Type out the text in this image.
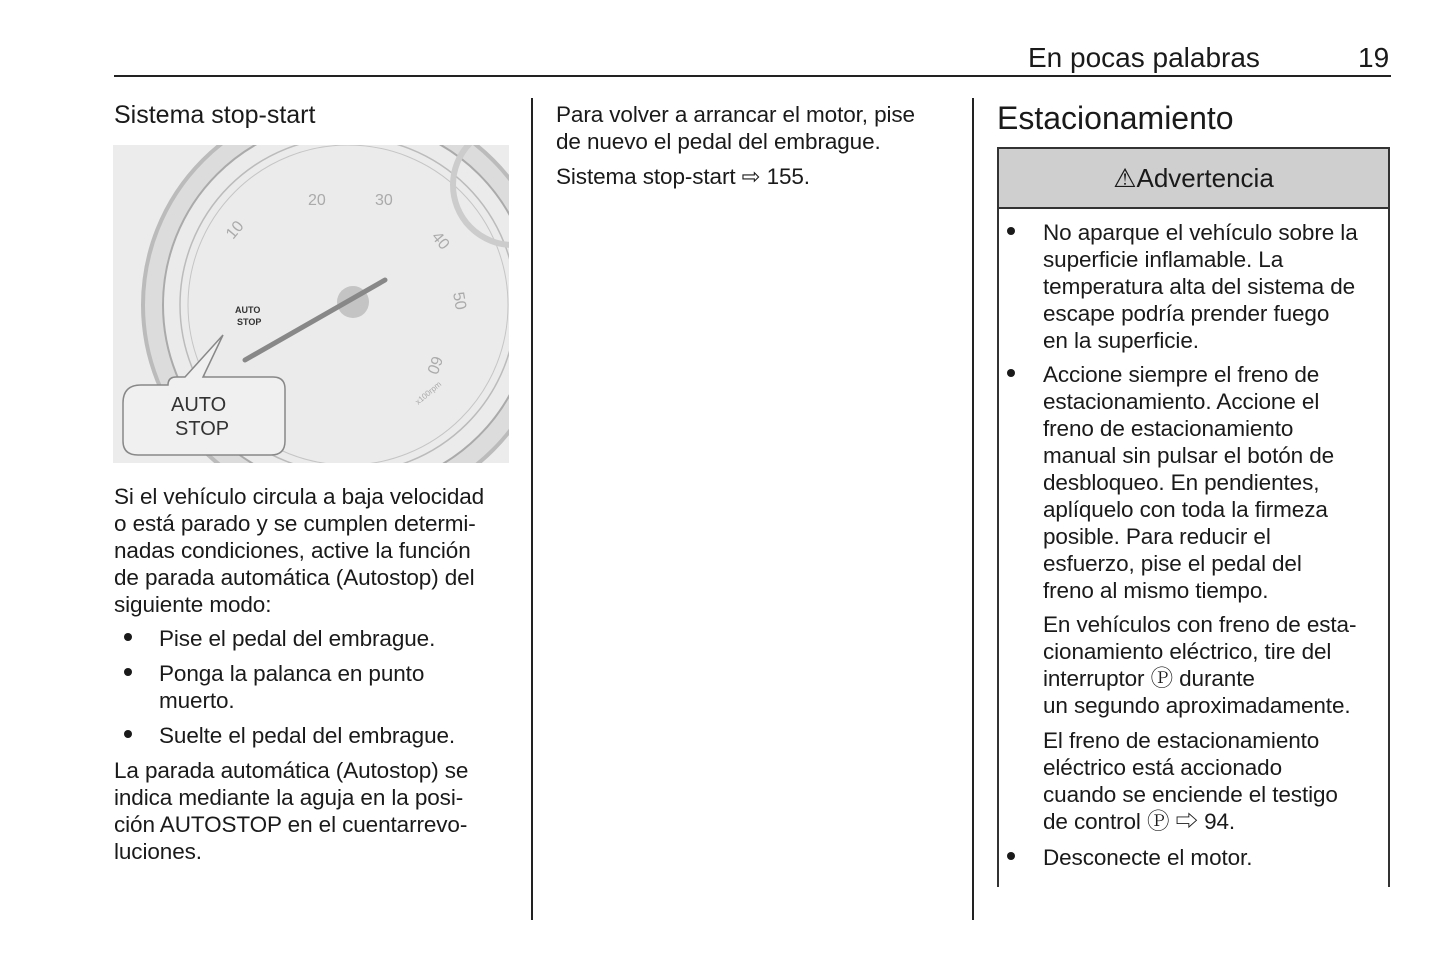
En pocas palabras	19
Sistema stop-start
10
20	30
40
50
60
x100rpm
AUTO
STOP
AUTO
STOP
Si el vehículo circula a baja velocidad
o está parado y se cumplen determi-
nadas condiciones, active la función
de parada automática (Autostop) del
siguiente modo:
Pise el pedal del embrague.
Ponga la palanca en punto
muerto.
Suelte el pedal del embrague.
La parada automática (Autostop) se
indica mediante la aguja en la posi-
ción AUTOSTOP en el cuentarrevo-
luciones.
Para volver a arrancar el motor, pise
de nuevo el pedal del embrague.
Sistema stop-start ⇨ 155.
Estacionamiento
⚠Advertencia
No aparque el vehículo sobre la
superficie inflamable. La
temperatura alta del sistema de
escape podría prender fuego
en la superficie.
Accione siempre el freno de
estacionamiento. Accione el
freno de estacionamiento
manual sin pulsar el botón de
desbloqueo. En pendientes,
aplíquelo con toda la firmeza
posible. Para reducir el
esfuerzo, pise el pedal del
freno al mismo tiempo.
En vehículos con freno de esta-
cionamiento eléctrico, tire del
interruptor Ⓟ durante
un segundo aproximadamente.
El freno de estacionamiento
eléctrico está accionado
cuando se enciende el testigo
de control Ⓟ ⇨ 94.
Desconecte el motor.
